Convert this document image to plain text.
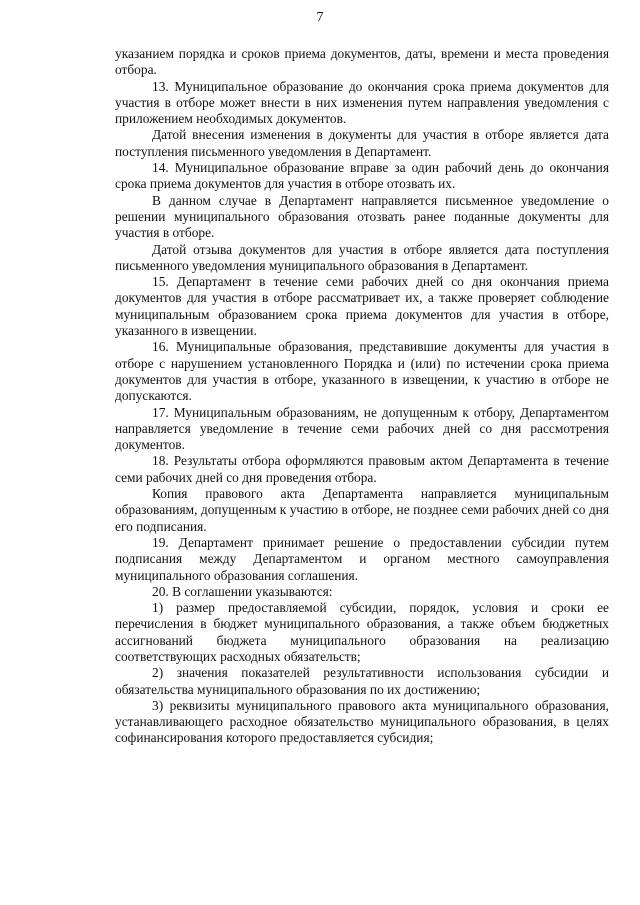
7

указанием порядка и сроков приема документов, даты, времени и места проведения отбора.

13. Муниципальное образование до окончания срока приема документов для участия в отборе может внести в них изменения путем направления уведомления с приложением необходимых документов.

Датой внесения изменения в документы для участия в отборе является дата поступления письменного уведомления в Департамент.

14. Муниципальное образование вправе за один рабочий день до окончания срока приема документов для участия в отборе отозвать их.

В данном случае в Департамент направляется письменное уведомление о решении муниципального образования отозвать ранее поданные документы для участия в отборе.

Датой отзыва документов для участия в отборе является дата поступления письменного уведомления муниципального образования в Департамент.

15. Департамент в течение семи рабочих дней со дня окончания приема документов для участия в отборе рассматривает их, а также проверяет соблюдение муниципальным образованием срока приема документов для участия в отборе, указанного в извещении.

16. Муниципальные образования, представившие документы для участия в отборе с нарушением установленного Порядка и (или) по истечении срока приема документов для участия в отборе, указанного в извещении, к участию в отборе не допускаются.

17. Муниципальным образованиям, не допущенным к отбору, Департаментом направляется уведомление в течение семи рабочих дней со дня рассмотрения документов.

18. Результаты отбора оформляются правовым актом Департамента в течение семи рабочих дней со дня проведения отбора.

Копия правового акта Департамента направляется муниципальным образованиям, допущенным к участию в отборе, не позднее семи рабочих дней со дня его подписания.

19. Департамент принимает решение о предоставлении субсидии путем подписания между Департаментом и органом местного самоуправления муниципального образования соглашения.

20. В соглашении указываются:

1) размер предоставляемой субсидии, порядок, условия и сроки ее перечисления в бюджет муниципального образования, а также объем бюджетных ассигнований бюджета муниципального образования на реализацию соответствующих расходных обязательств;

2) значения показателей результативности использования субсидии и обязательства муниципального образования по их достижению;

3) реквизиты муниципального правового акта муниципального образования, устанавливающего расходное обязательство муниципального образования, в целях софинансирования которого предоставляется субсидия;
